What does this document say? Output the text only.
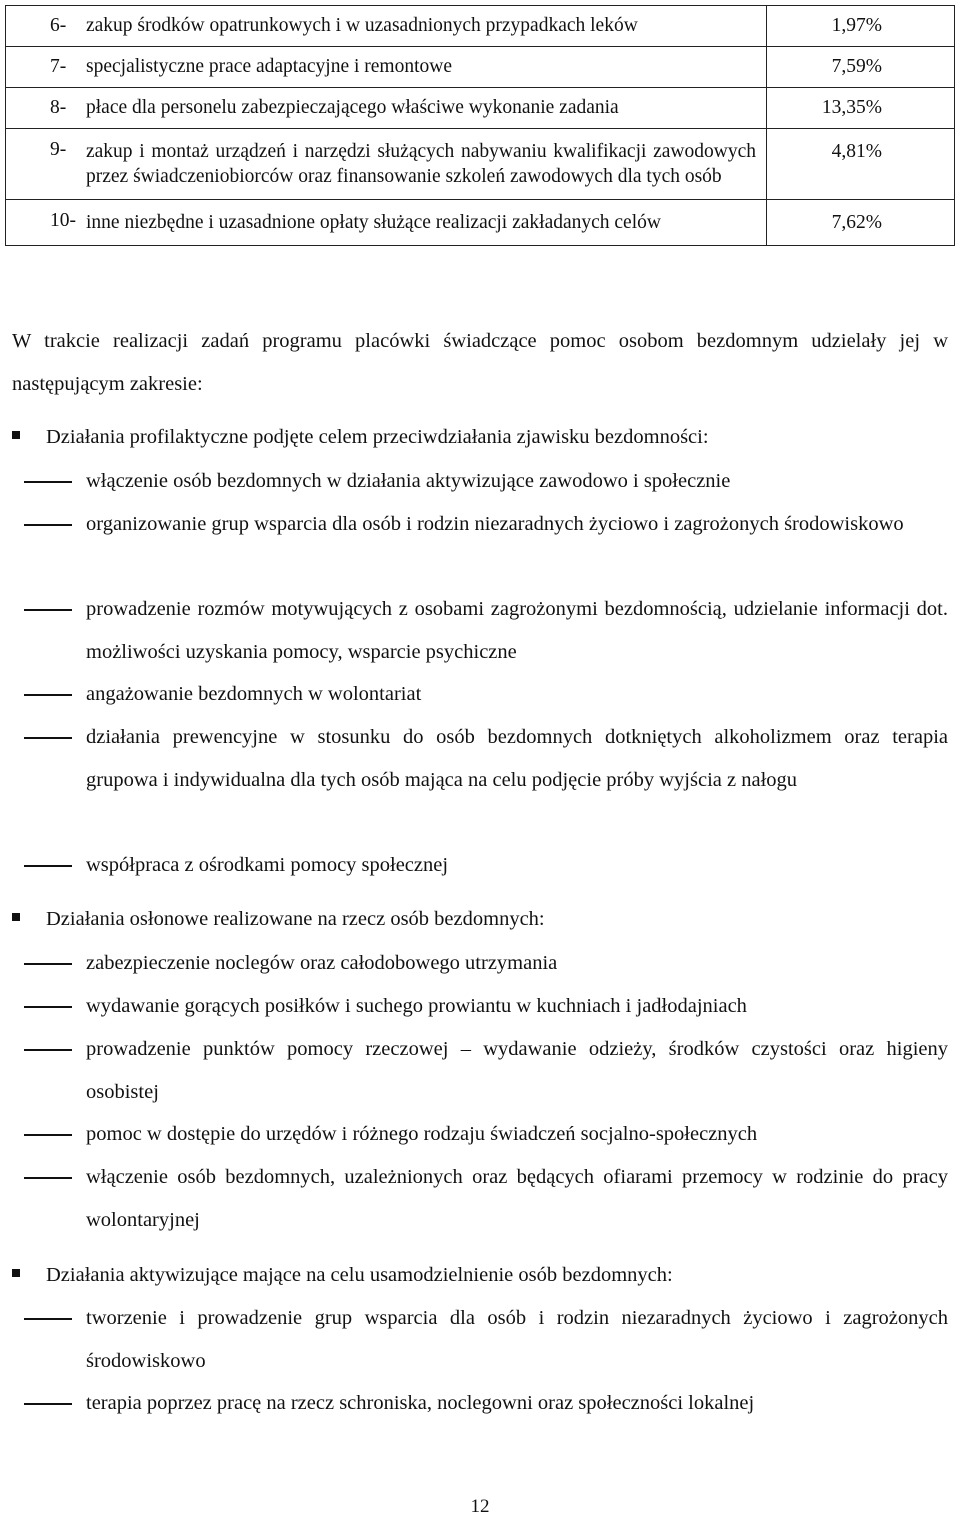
6- zakup środków opatrunkowych i w uzasadnionych przypadkach leków	1,97%

7- specjalistyczne prace adaptacyjne i remontowe	7,59%

8- płace dla personelu zabezpieczającego właściwe wykonanie zadania	13,35%

9- zakup i montaż urządzeń i narzędzi służących nabywaniu kwalifikacji zawodowych przez świadczeniobiorców oraz finansowanie szkoleń zawodowych dla tych osób	4,81%

10- inne niezbędne i uzasadnione opłaty służące realizacji zakładanych celów	7,62%
W trakcie realizacji zadań programu placówki świadczące pomoc osobom bezdomnym udzielały jej w następującym zakresie:
Działania profilaktyczne podjęte celem przeciwdziałania zjawisku bezdomności:
włączenie osób bezdomnych w działania aktywizujące zawodowo i społecznie
organizowanie grup wsparcia dla osób i rodzin niezaradnych życiowo i zagrożonych środowiskowo
prowadzenie rozmów motywujących z osobami zagrożonymi bezdomnością, udzielanie informacji dot. możliwości uzyskania pomocy, wsparcie psychiczne
angażowanie bezdomnych w wolontariat
działania prewencyjne w stosunku do osób bezdomnych dotkniętych alkoholizmem oraz terapia grupowa i indywidualna dla tych osób mająca na celu podjęcie próby wyjścia z nałogu
współpraca z ośrodkami pomocy społecznej
Działania osłonowe realizowane na rzecz osób bezdomnych:
zabezpieczenie noclegów oraz całodobowego utrzymania
wydawanie gorących posiłków i suchego prowiantu w kuchniach i jadłodajniach
prowadzenie punktów pomocy rzeczowej – wydawanie odzieży, środków czystości oraz higieny osobistej
pomoc w dostępie do urzędów i różnego rodzaju świadczeń socjalno-społecznych
włączenie osób bezdomnych, uzależnionych oraz będących ofiarami przemocy w rodzinie do pracy wolontaryjnej
Działania aktywizujące mające na celu usamodzielnienie osób bezdomnych:
tworzenie i prowadzenie grup wsparcia dla osób i rodzin niezaradnych życiowo i zagrożonych środowiskowo
terapia poprzez pracę na rzecz schroniska, noclegowni oraz społeczności lokalnej
12
